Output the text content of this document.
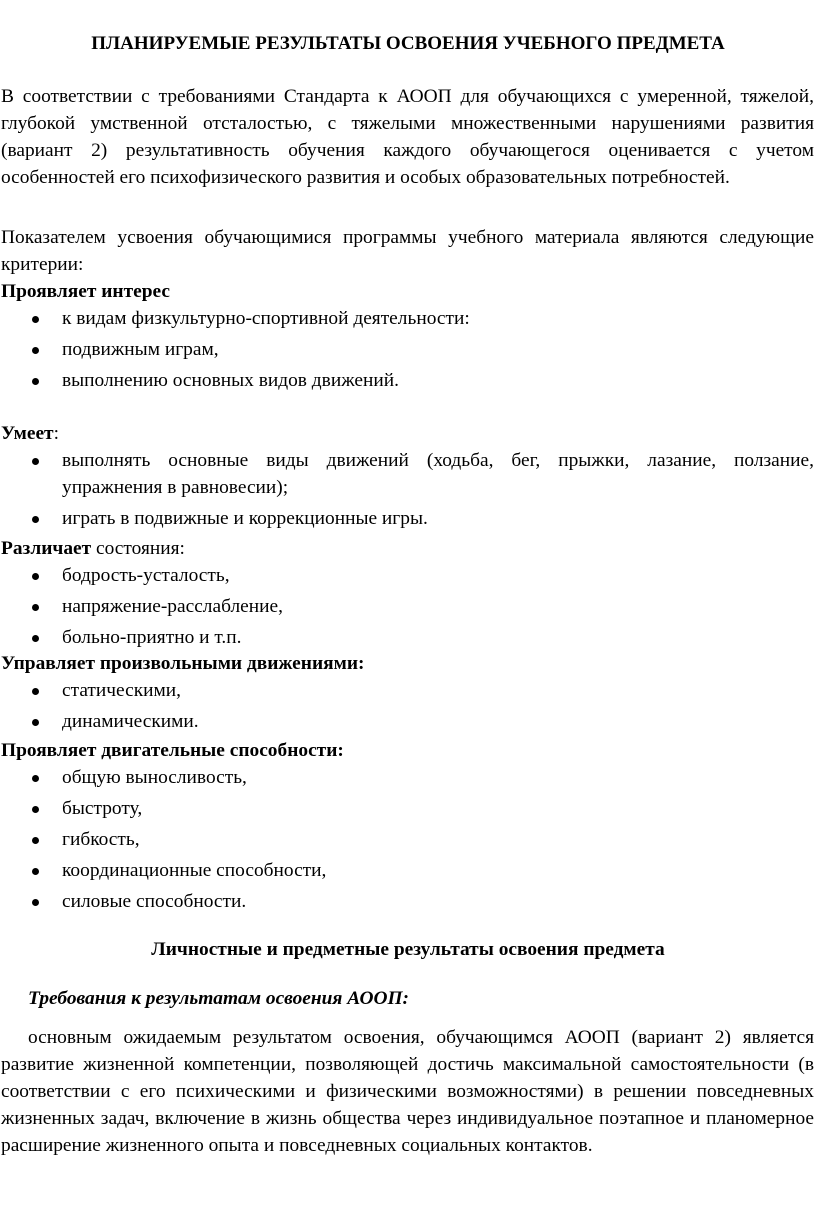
ПЛАНИРУЕМЫЕ РЕЗУЛЬТАТЫ ОСВОЕНИЯ УЧЕБНОГО ПРЕДМЕТА

В соответствии с требованиями Стандарта к АООП для обучающихся с умеренной, тяжелой, глубокой умственной отсталостью, с тяжелыми множественными нарушениями развития (вариант 2) результативность обучения каждого обучающегося оценивается с учетом особенностей его психофизического развития и особых образовательных потребностей.

Показателем усвоения обучающимися программы учебного материала являются следующие критерии:

Проявляет интерес

к видам физкультурно-спортивной деятельности:
подвижным играм,
выполнению основных видов движений.

Умеет:

выполнять основные виды движений (ходьба, бег, прыжки, лазание, ползание, упражнения в равновесии);
играть в подвижные и коррекционные игры.

Различает состояния:

бодрость-усталость,
напряжение-расслабление,
больно-приятно и т.п.

Управляет произвольными движениями:

статическими,
динамическими.

Проявляет двигательные способности:

общую выносливость,
быстроту,
гибкость,
координационные способности,
силовые способности.
Личностные и предметные результаты освоения предмета
Требования к результатам освоения АООП:

основным ожидаемым результатом освоения, обучающимся АООП (вариант 2) является развитие жизненной компетенции, позволяющей достичь максимальной самостоятельности (в соответствии с его психическими и физическими возможностями) в решении повседневных жизненных задач, включение в жизнь общества через индивидуальное поэтапное и планомерное расширение жизненного опыта и повседневных социальных контактов.
